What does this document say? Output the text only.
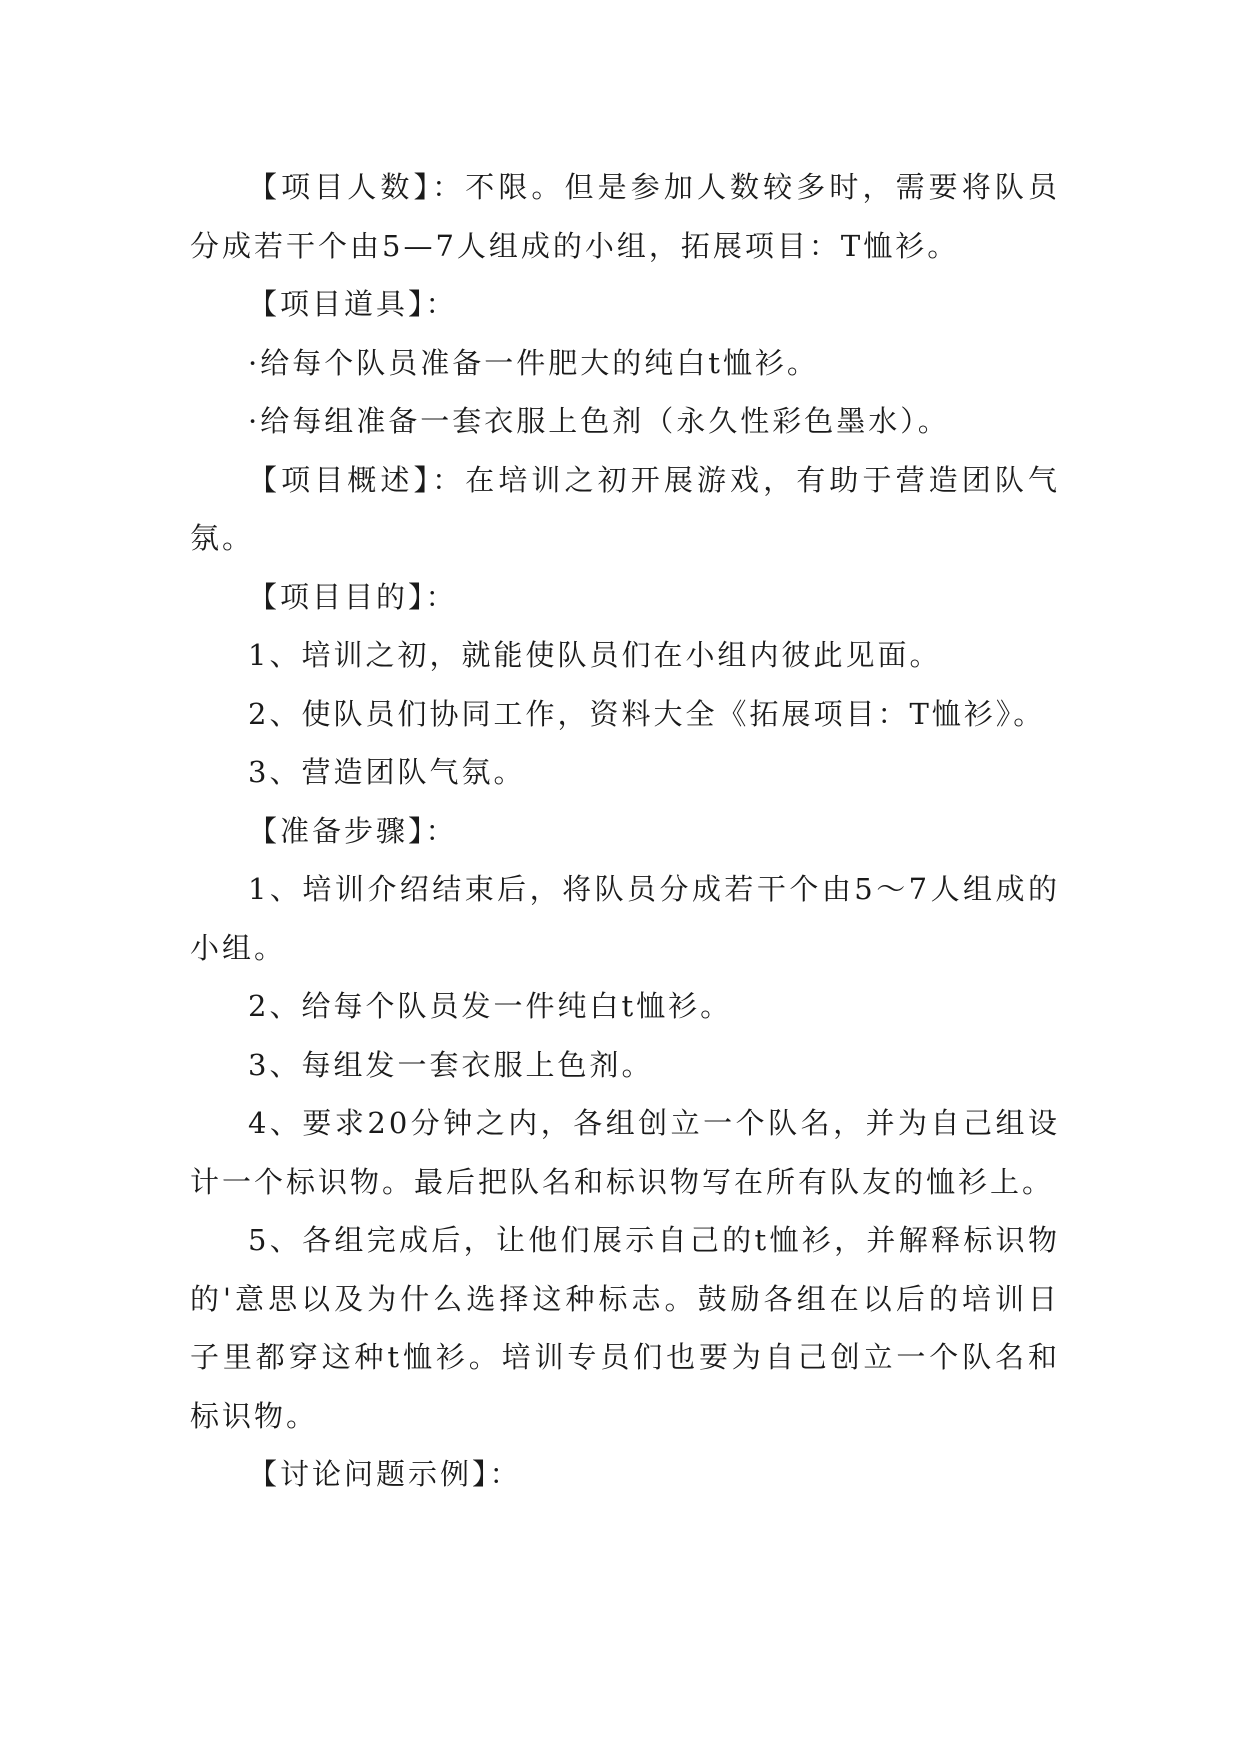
【项目人数】：不限。但是参加人数较多时，需要将队员分成若干个由5—7人组成的小组，拓展项目：T恤衫。

【项目道具】：

·给每个队员准备一件肥大的纯白t恤衫。

·给每组准备一套衣服上色剂（永久性彩色墨水）。

【项目概述】：在培训之初开展游戏，有助于营造团队气氛。

【项目目的】：

1、培训之初，就能使队员们在小组内彼此见面。

2、使队员们协同工作，资料大全《拓展项目：T恤衫》。

3、营造团队气氛。

【准备步骤】：

1、培训介绍结束后，将队员分成若干个由5～7人组成的小组。

2、给每个队员发一件纯白t恤衫。

3、每组发一套衣服上色剂。

4、要求20分钟之内，各组创立一个队名，并为自己组设计一个标识物。最后把队名和标识物写在所有队友的恤衫上。

5、各组完成后，让他们展示自己的t恤衫，并解释标识物的'意思以及为什么选择这种标志。鼓励各组在以后的培训日子里都穿这种t恤衫。培训专员们也要为自己创立一个队名和标识物。

【讨论问题示例】：
